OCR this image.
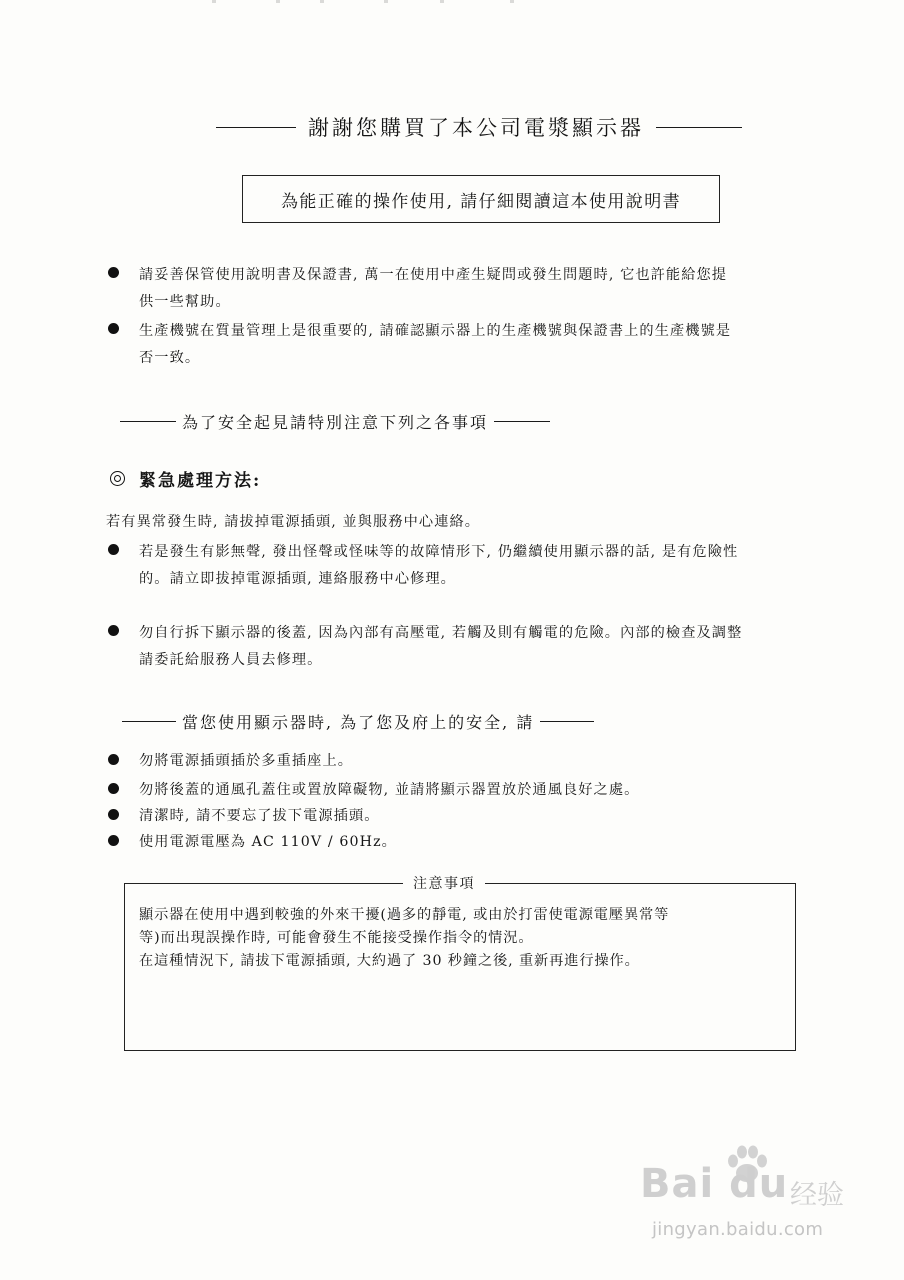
謝謝您購買了本公司電漿顯示器
為能正確的操作使用, 請仔細閱讀這本使用說明書
請妥善保管使用說明書及保證書, 萬一在使用中產生疑問或發生問題時, 它也許能給您提
供一些幫助。
生產機號在質量管理上是很重要的, 請確認顯示器上的生產機號與保證書上的生產機號是
否一致。
為了安全起見請特別注意下列之各事項
緊急處理方法:
若有異常發生時, 請拔掉電源插頭, 並與服務中心連絡。
若是發生有影無聲, 發出怪聲或怪味等的故障情形下, 仍繼續使用顯示器的話, 是有危險性
的。請立即拔掉電源插頭, 連絡服務中心修理。
勿自行拆下顯示器的後蓋, 因為內部有高壓電, 若觸及則有觸電的危險。內部的檢查及調整
請委託給服務人員去修理。
當您使用顯示器時, 為了您及府上的安全, 請
勿將電源插頭插於多重插座上。
勿將後蓋的通風孔蓋住或置放障礙物, 並請將顯示器置放於通風良好之處。
清潔時, 請不要忘了拔下電源插頭。
使用電源電壓為 AC 110V / 60Hz。
注意事項
顯示器在使用中遇到較強的外來干擾(過多的靜電, 或由於打雷使電源電壓異常等
等)而出現誤操作時, 可能會發生不能接受操作指令的情況。
在這種情況下, 請拔下電源插頭, 大約過了 30 秒鐘之後, 重新再進行操作。
Bai du 经验
jingyan.baidu.com
